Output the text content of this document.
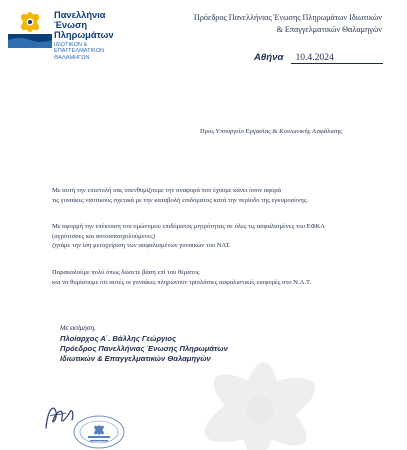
Πανελλήνια
Ένωση
Πληρωμάτων
ΙΔΙΩΤΙΚΩΝ &
ΕΠΑΓΓΕΛΜΑΤΙΚΩΝ
ΘΑΛΑΜΗΓΩΝ
Πρόεδρος Πανελλήνιας Ένωσης Πληρωμάτων Ιδιωτικών
& Επαγγελματικών Θαλαμηγών
Αθήνα 10.4.2024
Προς Υπουργείο Εργασίας & Κοινωνικής Ασφάλισης
Με αυτή την επιστολή σας υπενθυμίζουμε την αναφορά που έχουμε κάνει όσον αφορά
τις γυναίκες ναυτικούς σχετικά με την καταβολή επιδόματος κατά την περίοδο της εγκυμοσύνης.
Με αφορμή την επέκταση του ομώνυμου επιδόματος μητρότητας σε όλες τις ασφαλισμένες του ΕΦΚΑ
(αγρότισσες και αυτοαπασχολούμενες)
ζητάμε την ίση μεταχείριση των ασφαλισμένων γυναικών του ΝΑΤ.
Παρακαλούμε πολύ όπως δώσετε βάση επί του θέματος
και να θυμίσουμε ότι αυτές οι γυναίκες πληρώνουν τριπλάσιες ασφαλιστικές εισφορές στο Ν.Α.Τ.
Με εκτίμηση,
Πλοίαρχος Α΄. Βάλλης Γεώργιος
Πρόεδρος Πανελλήνιας Ένωσης Πληρωμάτων
Ιδιωτικών & Επαγγελματικών Θαλαμηγών
